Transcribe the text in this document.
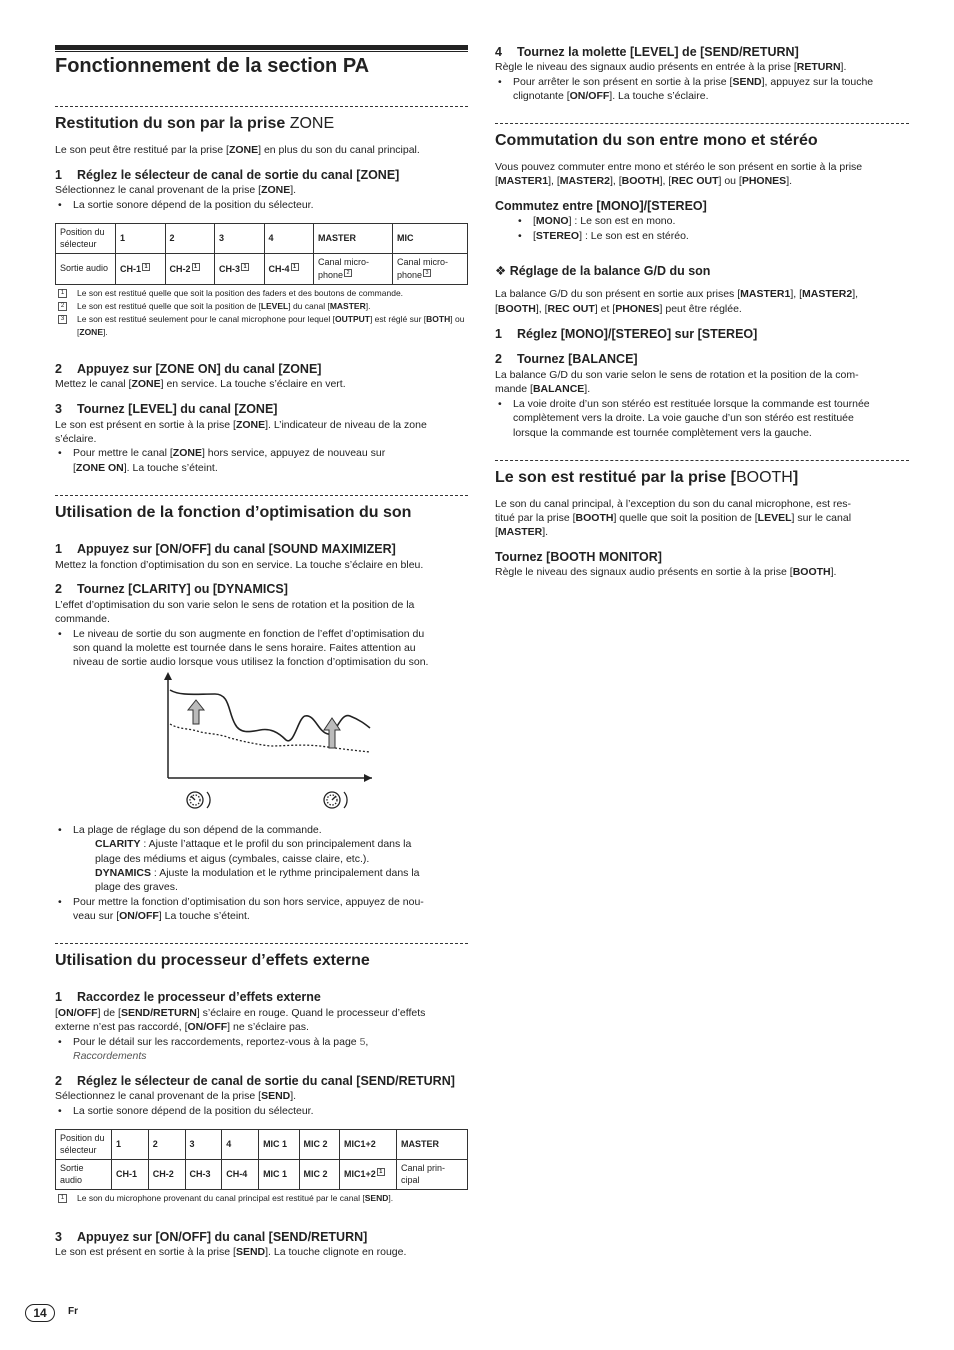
Fonctionnement de la section PA
Restitution du son par la prise ZONE

Le son peut être restitué par la prise [ZONE] en plus du son du canal principal.

1 Réglez le sélecteur de canal de sortie du canal [ZONE]

Sélectionnez le canal provenant de la prise [ZONE].

• La sortie sonore dépend de la position du sélecteur.

Position du sélecteur	1	2	3	4	MASTER	MIC
Sortie audio	CH-1 1	CH-2 1	CH-3 1	CH-4 1	Canal micro-phone 2	Canal micro-phone 3

1	Le son est restitué quelle que soit la position des faders et des boutons de commande.

2	Le son est restitué quelle que soit la position de [LEVEL] du canal [MASTER].

3	Le son est restitué seulement pour le canal microphone pour lequel [OUTPUT] est réglé sur [BOTH] ou [ZONE].

2 Appuyez sur [ZONE ON] du canal [ZONE]

Mettez le canal [ZONE] en service. La touche s’éclaire en vert.

3 Tournez [LEVEL] du canal [ZONE]

Le son est présent en sortie à la prise [ZONE]. L’indicateur de niveau de la zone

s’éclaire.

• Pour mettre le canal [ZONE] hors service, appuyez de nouveau sur

[ZONE ON]. La touche s’éteint.

Utilisation de la fonction d’optimisation du son
1 Appuyez sur [ON/OFF] du canal [SOUND MAXIMIZER]

Mettez la fonction d’optimisation du son en service. La touche s’éclaire en bleu.

2 Tournez [CLARITY] ou [DYNAMICS]

L’effet d’optimisation du son varie selon le sens de rotation et la position de la

commande.

• Le niveau de sortie du son augmente en fonction de l’effet d’optimisation du

son quand la molette est tournée dans le sens horaire. Faites attention au

niveau de sortie audio lorsque vous utilisez la fonction d’optimisation du son.

• La plage de réglage du son dépend de la commande.

CLARITY : Ajuste l’attaque et le profil du son principalement dans la

plage des médiums et aigus (cymbales, caisse claire, etc.).

DYNAMICS : Ajuste la modulation et le rythme principalement dans la

plage des graves.

• Pour mettre la fonction d’optimisation du son hors service, appuyez de nou-

veau sur [ON/OFF] La touche s’éteint.

Utilisation du processeur d’effets externe
1 Raccordez le processeur d’effets externe

[ON/OFF] de [SEND/RETURN] s’éclaire en rouge. Quand le processeur d’effets

externe n’est pas raccordé, [ON/OFF] ne s’éclaire pas.

• Pour le détail sur les raccordements, reportez-vous à la page 5,

Raccordements

2 Réglez le sélecteur de canal de sortie du canal [SEND/RETURN]

Sélectionnez le canal provenant de la prise [SEND].

• La sortie sonore dépend de la position du sélecteur.

Position du sélecteur	1	2	3	4	MIC 1	MIC 2	MIC1+2	MASTER
Sortie audio	CH-1	CH-2	CH-3	CH-4	MIC 1	MIC 2	MIC1+2 1	Canal prin-cipal

1	Le son du microphone provenant du canal principal est restitué par le canal [SEND].

3 Appuyez sur [ON/OFF] du canal [SEND/RETURN]

Le son est présent en sortie à la prise [SEND]. La touche clignote en rouge.

4 Tournez la molette [LEVEL] de [SEND/RETURN]

Règle le niveau des signaux audio présents en entrée à la prise [RETURN].

• Pour arrêter le son présent en sortie à la prise [SEND], appuyez sur la touche

clignotante [ON/OFF]. La touche s’éclaire.

Commutation du son entre mono et stéréo

Vous pouvez commuter entre mono et stéréo le son présent en sortie à la prise

[MASTER1], [MASTER2], [BOOTH], [REC OUT] ou [PHONES].

Commutez entre [MONO]/[STEREO]

• [MONO] : Le son est en mono.

• [STEREO] : Le son est en stéréo.

❖ Réglage de la balance G/D du son

La balance G/D du son présent en sortie aux prises [MASTER1], [MASTER2],

[BOOTH], [REC OUT] et [PHONES] peut être réglée.

1 Réglez [MONO]/[STEREO] sur [STEREO]
2 Tournez [BALANCE]

La balance G/D du son varie selon le sens de rotation et la position de la com-

mande [BALANCE].

• La voie droite d’un son stéréo est restituée lorsque la commande est tournée

complètement vers la droite. La voie gauche d’un son stéréo est restituée

lorsque la commande est tournée complètement vers la gauche.

Le son est restitué par la prise [BOOTH]

Le son du canal principal, à l’exception du son du canal microphone, est res-

titué par la prise [BOOTH] quelle que soit la position de [LEVEL] sur le canal

[MASTER].

Tournez [BOOTH MONITOR]

Règle le niveau des signaux audio présents en sortie à la prise [BOOTH].

14	Fr
